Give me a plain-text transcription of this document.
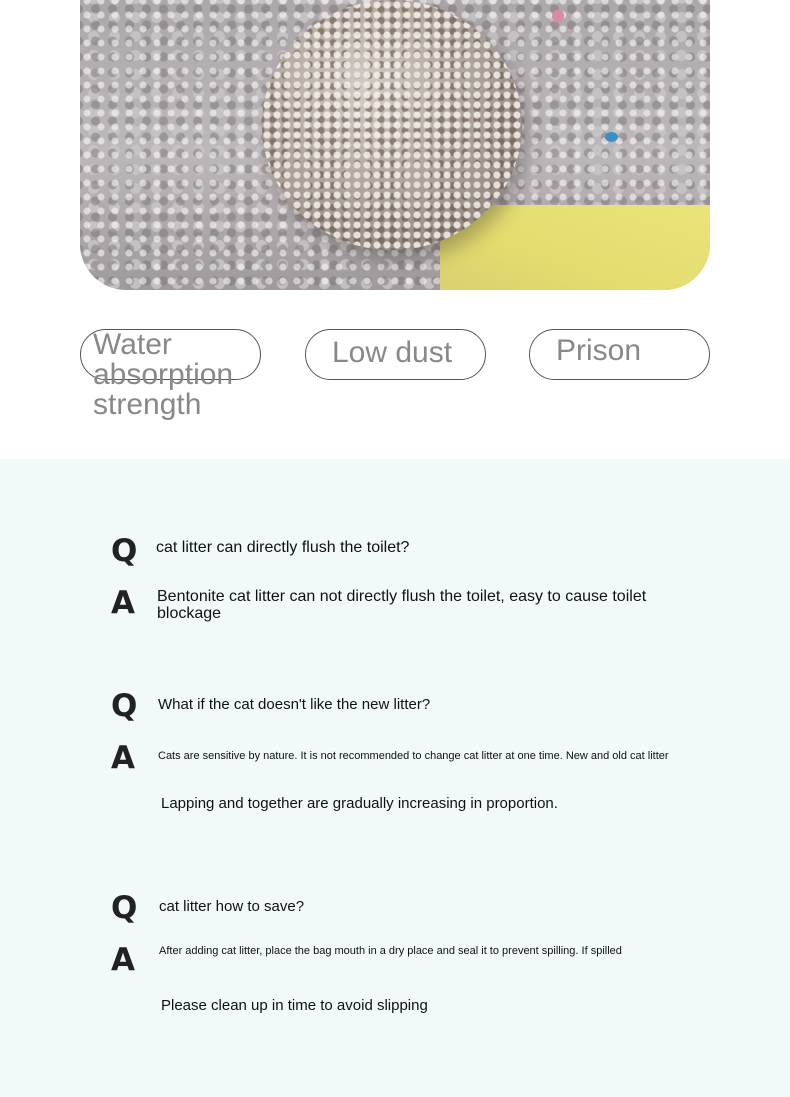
Water absorption strength
Low dust	Prison
Q cat litter can directly flush the toilet?
A Bentonite cat litter can not directly flush the toilet, easy to cause toilet blockage
Q What if the cat doesn't like the new litter?
A Cats are sensitive by nature. It is not recommended to change cat litter at one time. New and old cat litter
Lapping and together are gradually increasing in proportion.
Q cat litter how to save?
A After adding cat litter, place the bag mouth in a dry place and seal it to prevent spilling. If spilled
Please clean up in time to avoid slipping
